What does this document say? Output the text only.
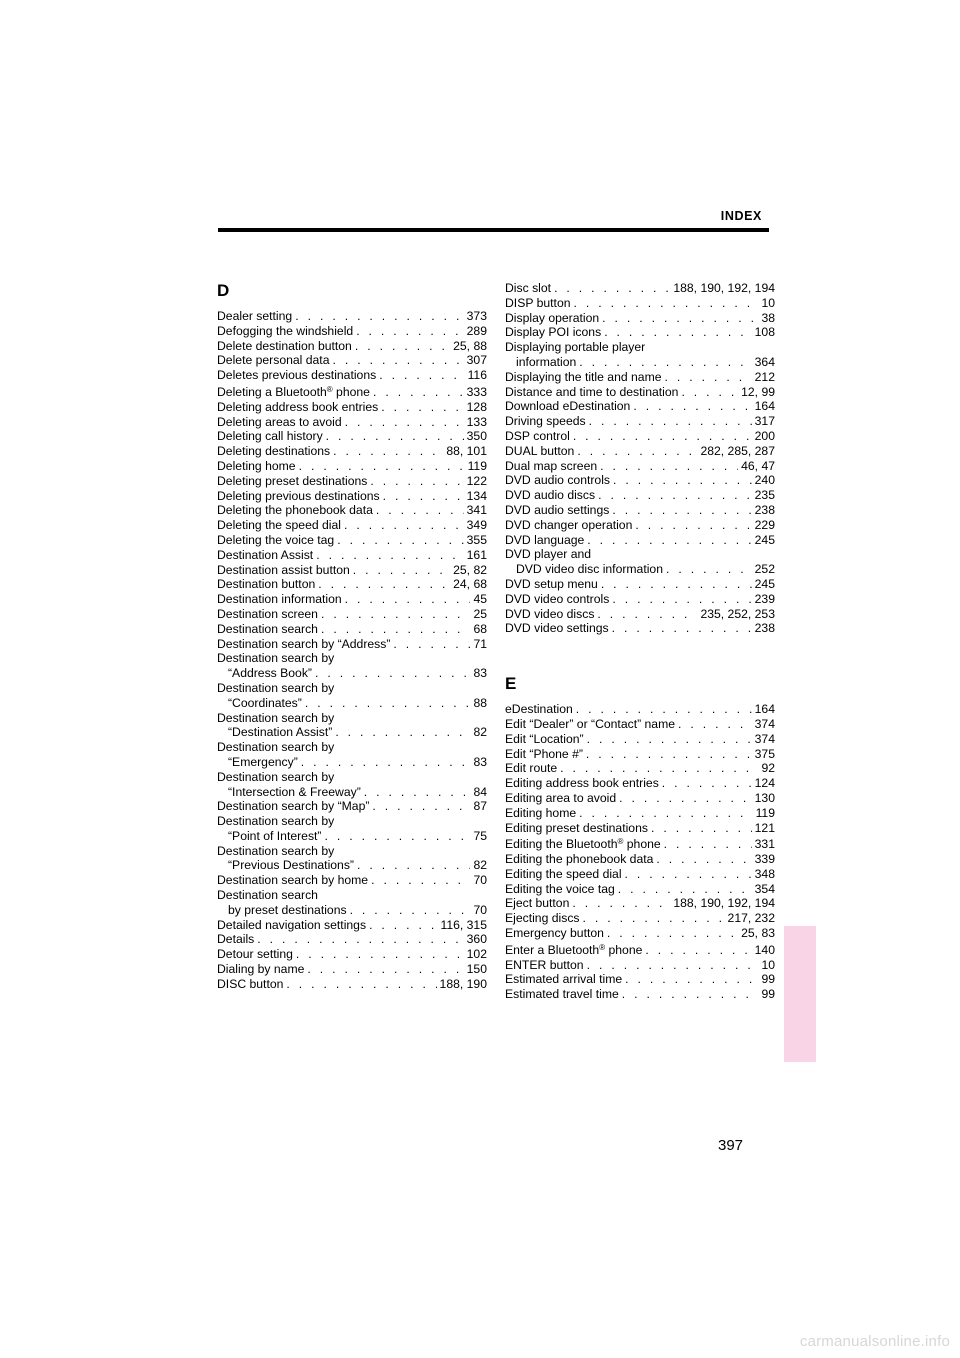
INDEX
D
Dealer setting . . .	373
Defogging the windshield . . .	289
Delete destination button . . .	25, 88
Delete personal data . . .	307
Deletes previous destinations . . .	116
Deleting a Bluetooth® phone . . .	333
Deleting address book entries . . .	128
Deleting areas to avoid . . .	133
Deleting call history . . .	350
Deleting destinations . . .	88, 101
Deleting home . . .	119
Deleting preset destinations . . .	122
Deleting previous destinations . . .	134
Deleting the phonebook data . . .	341
Deleting the speed dial . . .	349
Deleting the voice tag . . .	355
Destination Assist . . .	161
Destination assist button . . .	25, 82
Destination button . . .	24, 68
Destination information . . .	45
Destination screen . . .	25
Destination search . . .	68
Destination search by “Address” . . .	71
Destination search by
“Address Book” . . .	83
Destination search by
“Coordinates” . . .	88
Destination search by
“Destination Assist” . . .	82
Destination search by
“Emergency” . . .	83
Destination search by
“Intersection & Freeway” . . .	84
Destination search by “Map” . . .	87
Destination search by
“Point of Interest” . . .	75
Destination search by
“Previous Destinations” . . .	82
Destination search by home . . .	70
Destination search
by preset destinations . . .	70
Detailed navigation settings . . .	116, 315
Details . . .	360
Detour setting . . .	102
Dialing by name . . .	150
DISC button . . .	188, 190
Disc slot . . .	188, 190, 192, 194
DISP button . . .	10
Display operation . . .	38
Display POI icons . . .	108
Displaying portable player
information . . .	364
Displaying the title and name . . .	212
Distance and time to destination . . .	12, 99
Download eDestination . . .	164
Driving speeds . . .	317
DSP control . . .	200
DUAL button . . .	282, 285, 287
Dual map screen . . .	46, 47
DVD audio controls . . .	240
DVD audio discs . . .	235
DVD audio settings . . .	238
DVD changer operation . . .	229
DVD language . . .	245
DVD player and
DVD video disc information . . .	252
DVD setup menu . . .	245
DVD video controls . . .	239
DVD video discs . . .	235, 252, 253
DVD video settings . . .	238
E
eDestination . . .	164
Edit “Dealer” or “Contact” name . . .	374
Edit “Location” . . .	374
Edit “Phone #” . . .	375
Edit route . . .	92
Editing address book entries . . .	124
Editing area to avoid . . .	130
Editing home . . .	119
Editing preset destinations . . .	121
Editing the Bluetooth® phone . . .	331
Editing the phonebook data . . .	339
Editing the speed dial . . .	348
Editing the voice tag . . .	354
Eject button . . .	188, 190, 192, 194
Ejecting discs . . .	217, 232
Emergency button . . .	25, 83
Enter a Bluetooth® phone . . .	140
ENTER button . . .	10
Estimated arrival time . . .	99
Estimated travel time . . .	99
397
carmanualsonline.info
